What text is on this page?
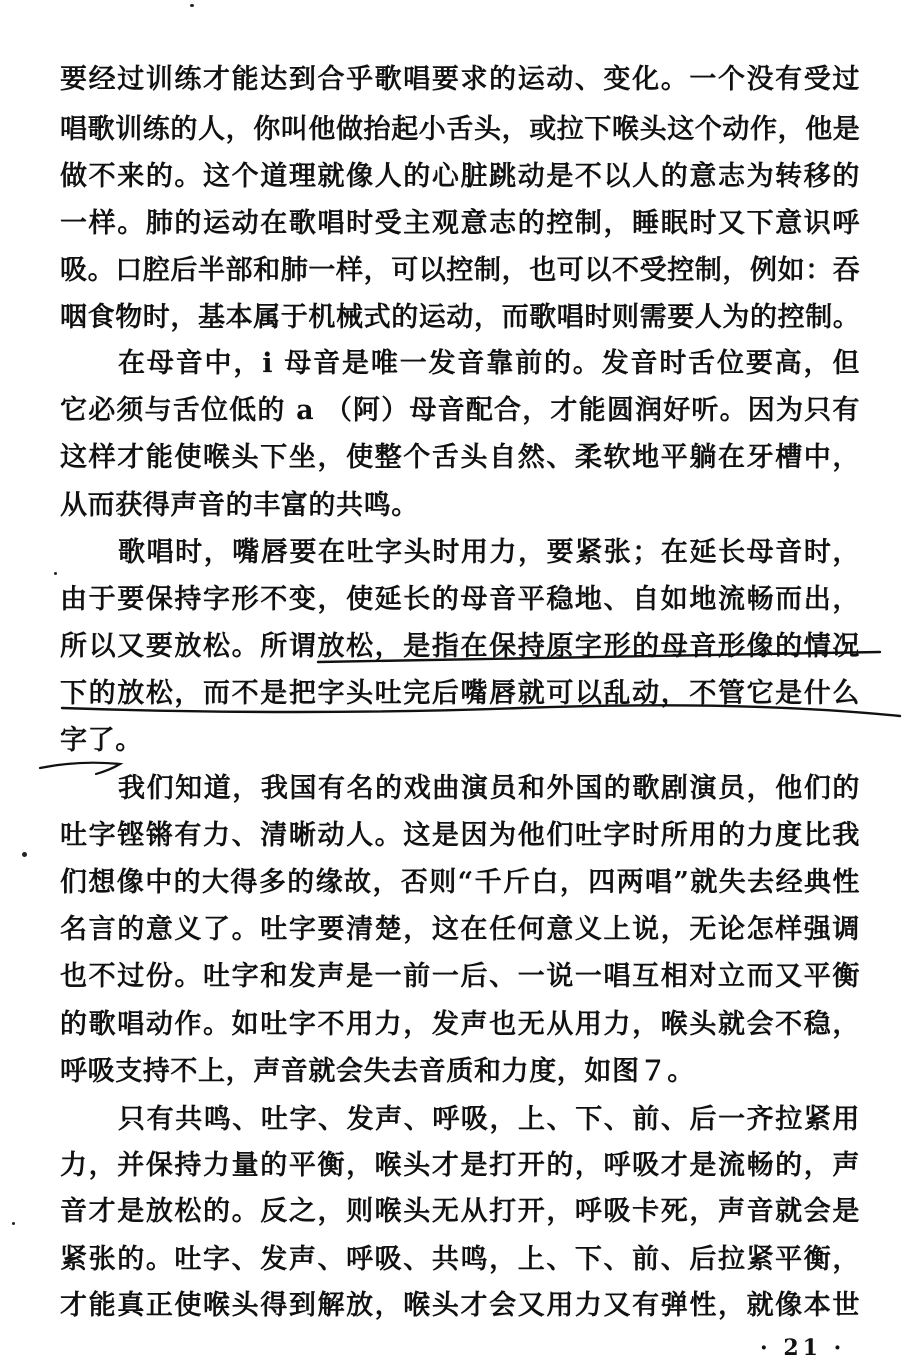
要经过训练才能达到合乎歌唱要求的运动、变化。一个没有受过
唱歌训练的人，你叫他做抬起小舌头，或拉下喉头这个动作，他是
做不来的。这个道理就像人的心脏跳动是不以人的意志为转移的
一样。肺的运动在歌唱时受主观意志的控制，睡眠时又下意识呼
吸。口腔后半部和肺一样，可以控制，也可以不受控制，例如：吞
咽食物时，基本属于机械式的运动，而歌唱时则需要人为的控制。
在母音中，i 母音是唯一发音靠前的。发音时舌位要高，但
它必须与舌位低的 a （阿）母音配合，才能圆润好听。因为只有
这样才能使喉头下坐，使整个舌头自然、柔软地平躺在牙槽中，
从而获得声音的丰富的共鸣。
歌唱时，嘴唇要在吐字头时用力，要紧张；在延长母音时，
由于要保持字形不变，使延长的母音平稳地、自如地流畅而出，
所以又要放松。所谓放松，是指在保持原字形的母音形像的情况
下的放松，而不是把字头吐完后嘴唇就可以乱动，不管它是什么
字了。
我们知道，我国有名的戏曲演员和外国的歌剧演员，他们的
吐字铿锵有力、清晰动人。这是因为他们吐字时所用的力度比我
们想像中的大得多的缘故，否则“千斤白，四两唱”就失去经典性
名言的意义了。吐字要清楚，这在任何意义上说，无论怎样强调
也不过份。吐字和发声是一前一后、一说一唱互相对立而又平衡
的歌唱动作。如吐字不用力，发声也无从用力，喉头就会不稳，
呼吸支持不上，声音就会失去音质和力度，如图７。
只有共鸣、吐字、发声、呼吸，上、下、前、后一齐拉紧用
力，并保持力量的平衡，喉头才是打开的，呼吸才是流畅的，声
音才是放松的。反之，则喉头无从打开，呼吸卡死，声音就会是
紧张的。吐字、发声、呼吸、共鸣，上、下、前、后拉紧平衡，
才能真正使喉头得到解放，喉头才会又用力又有弹性，就像本世
· 21 ·
